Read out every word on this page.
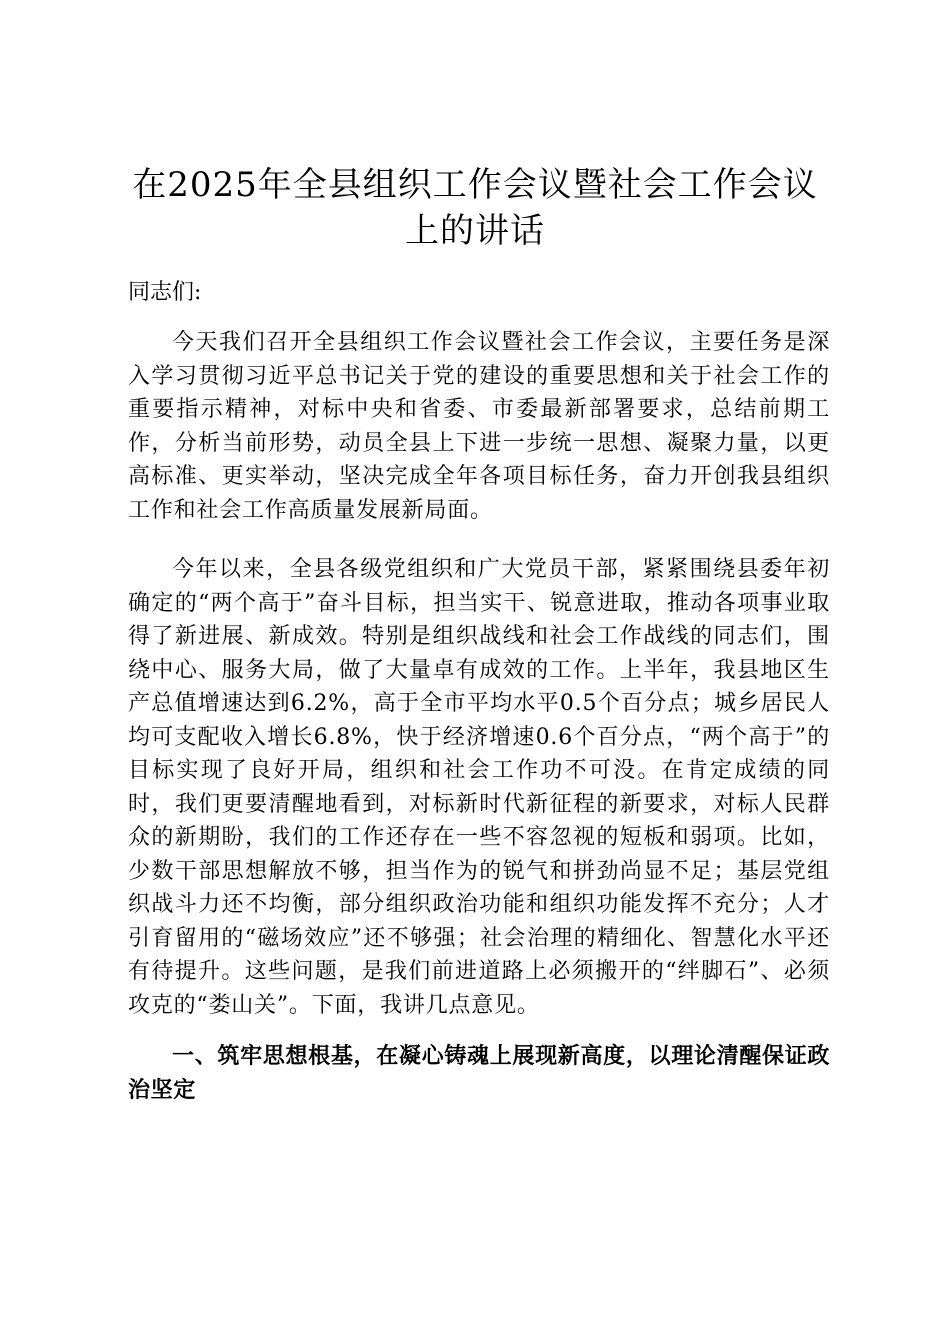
在2025年全县组织工作会议暨社会工作会议上的讲话

同志们:

今天我们召开全县组织工作会议暨社会工作会议，主要任务是深入学习贯彻习近平总书记关于党的建设的重要思想和关于社会工作的重要指示精神，对标中央和省委、市委最新部署要求，总结前期工作，分析当前形势，动员全县上下进一步统一思想、凝聚力量，以更高标准、更实举动，坚决完成全年各项目标任务，奋力开创我县组织工作和社会工作高质量发展新局面。

今年以来，全县各级党组织和广大党员干部，紧紧围绕县委年初确定的“两个高于”奋斗目标，担当实干、锐意进取，推动各项事业取得了新进展、新成效。特别是组织战线和社会工作战线的同志们，围绕中心、服务大局，做了大量卓有成效的工作。上半年，我县地区生产总值增速达到6.2%，高于全市平均水平0.5个百分点；城乡居民人均可支配收入增长6.8%，快于经济增速0.6个百分点，“两个高于”的目标实现了良好开局，组织和社会工作功不可没。在肯定成绩的同时，我们更要清醒地看到，对标新时代新征程的新要求，对标人民群众的新期盼，我们的工作还存在一些不容忽视的短板和弱项。比如，少数干部思想解放不够，担当作为的锐气和拼劲尚显不足；基层党组织战斗力还不均衡，部分组织政治功能和组织功能发挥不充分；人才引育留用的“磁场效应”还不够强；社会治理的精细化、智慧化水平还有待提升。这些问题，是我们前进道路上必须搬开的“绊脚石”、必须攻克的“娄山关”。下面，我讲几点意见。

一、筑牢思想根基，在凝心铸魂上展现新高度，以理论清醒保证政治坚定
